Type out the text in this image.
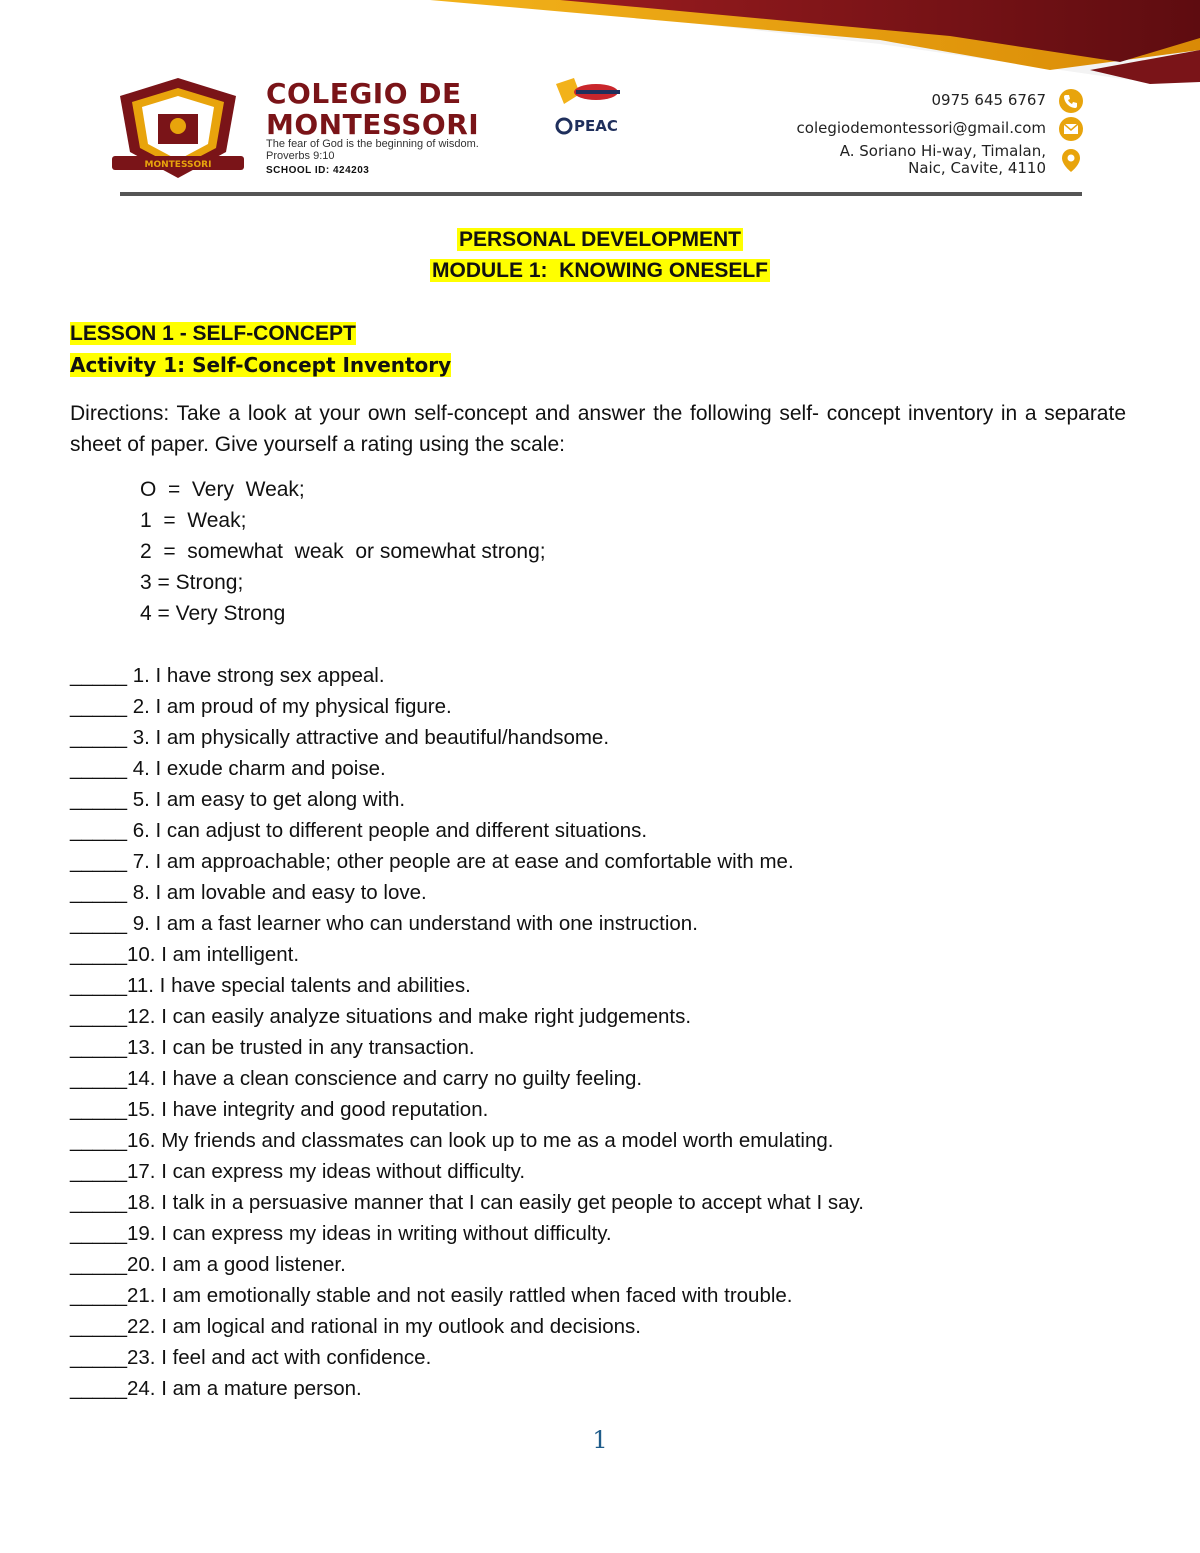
MONTESSORI
COLEGIO DE
MONTESSORI
The fear of God is the beginning of wisdom.
Proverbs 9:10
SCHOOL ID: 424203
PEAC
0975 645 6767
colegiodemontessori@gmail.com
A. Soriano Hi-way, Timalan,
Naic, Cavite, 4110
PERSONAL DEVELOPMENT
MODULE 1:  KNOWING ONESELF
LESSON 1 - SELF-CONCEPT
Activity 1: Self-Concept Inventory

Directions: Take a look at your own self-concept and answer the following self- concept inventory in a separate sheet of paper. Give yourself a rating using the scale:

O  =  Very  Weak;
1  =  Weak;
2  =  somewhat  weak  or somewhat strong;
3 = Strong;
4 = Very Strong
_____ 1. I have strong sex appeal.
_____ 2. I am proud of my physical figure.
_____ 3. I am physically attractive and beautiful/handsome.
_____ 4. I exude charm and poise.
_____ 5. I am easy to get along with.
_____ 6. I can adjust to different people and different situations.
_____ 7. I am approachable; other people are at ease and comfortable with me.
_____ 8. I am lovable and easy to love.
_____ 9. I am a fast learner who can understand with one instruction.
_____10. I am intelligent.
_____11. I have special talents and abilities.
_____12. I can easily analyze situations and make right judgements.
_____13. I can be trusted in any transaction.
_____14. I have a clean conscience and carry no guilty feeling.
_____15. I have integrity and good reputation.
_____16. My friends and classmates can look up to me as a model worth emulating.
_____17. I can express my ideas without difficulty.
_____18. I talk in a persuasive manner that I can easily get people to accept what I say.
_____19. I can express my ideas in writing without difficulty.
_____20. I am a good listener.
_____21. I am emotionally stable and not easily rattled when faced with trouble.
_____22. I am logical and rational in my outlook and decisions.
_____23. I feel and act with confidence.
_____24. I am a mature person.
1
